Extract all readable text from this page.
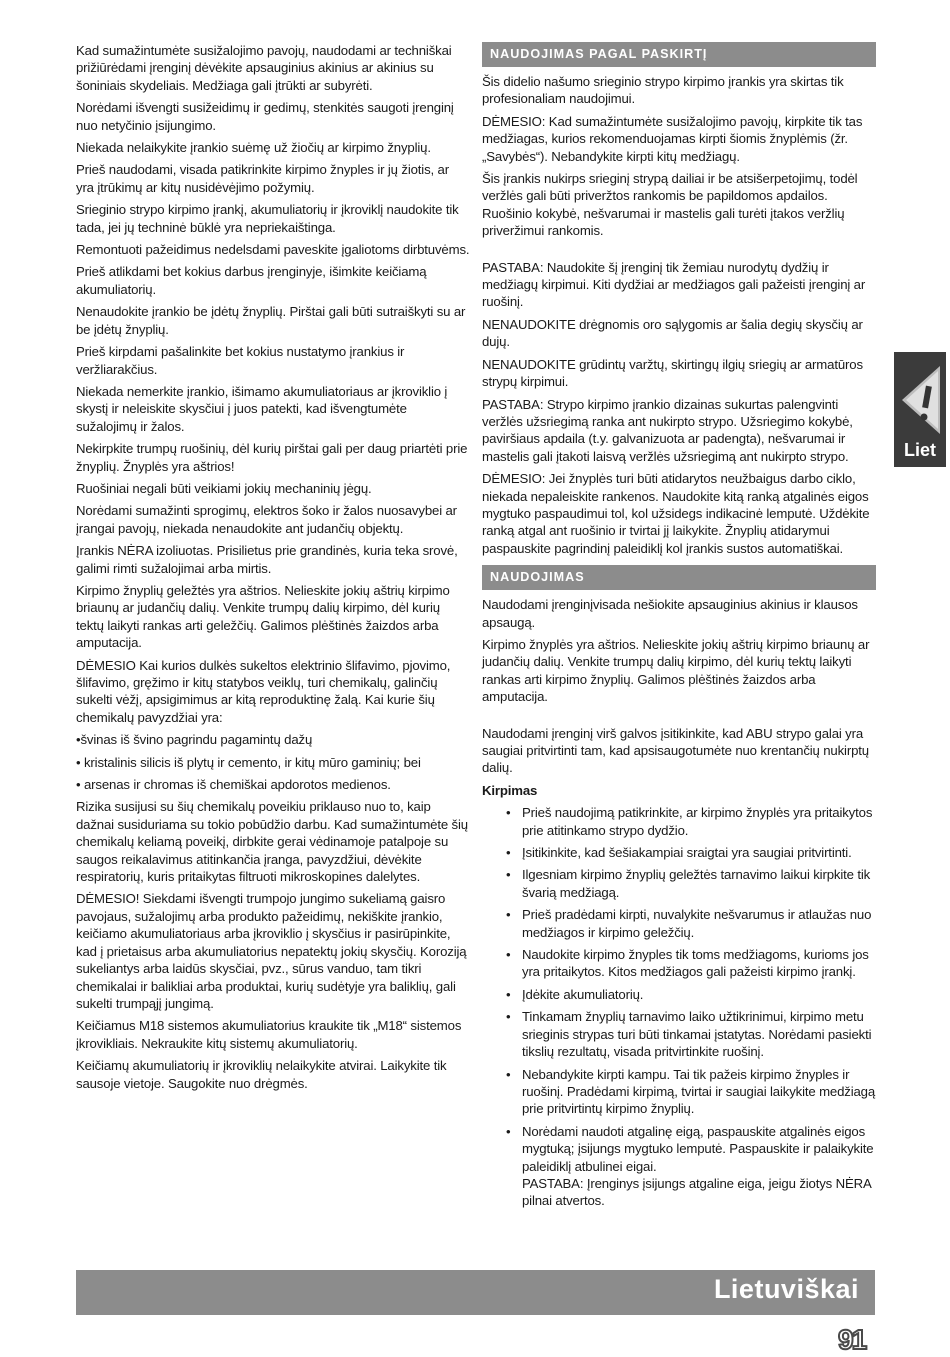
Kad sumažintumėte susižalojimo pavojų, naudodami ar techniškai prižiūrėdami įrenginį dėvėkite apsauginius akinius ar akinius su šoniniais skydeliais. Medžiaga gali įtrūkti ar subyrėti.

Norėdami išvengti susižeidimų ir gedimų, stenkitės saugoti įrenginį nuo netyčinio įsijungimo.

Niekada nelaikykite įrankio suėmę už žiočių ar kirpimo žnyplių.

Prieš naudodami, visada patikrinkite kirpimo žnyples ir jų žiotis, ar yra įtrūkimų ar kitų nusidėvėjimo požymių.

Srieginio strypo kirpimo įrankį, akumuliatorių ir įkroviklį naudokite tik tada, jei jų techninė būklė yra nepriekaištinga.

Remontuoti pažeidimus nedelsdami paveskite įgaliotoms dirbtuvėms.

Prieš atlikdami bet kokius darbus įrenginyje, išimkite keičiamą akumuliatorių.

Nenaudokite įrankio be įdėtų žnyplių. Pirštai gali būti sutraiškyti su ar be įdėtų žnyplių.

Prieš kirpdami pašalinkite bet kokius nustatymo įrankius ir veržliarakčius.

Niekada nemerkite įrankio, išimamo akumuliatoriaus ar įkroviklio į skystį ir neleiskite skysčiui į juos patekti, kad išvengtumėte sužalojimų ir žalos.

Nekirpkite trumpų ruošinių, dėl kurių pirštai gali per daug priartėti prie žnyplių. Žnyplės yra aštrios!

Ruošiniai negali būti veikiami jokių mechaninių jėgų.

Norėdami sumažinti sprogimų, elektros šoko ir žalos nuosavybei ar įrangai pavojų, niekada nenaudokite ant judančių objektų.

Įrankis NĖRA izoliuotas. Prisilietus prie grandinės, kuria teka srovė, galimi rimti sužalojimai arba mirtis.

Kirpimo žnyplių geležtės yra aštrios. Nelieskite jokių aštrių kirpimo briaunų ar judančių dalių. Venkite trumpų dalių kirpimo, dėl kurių tektų laikyti rankas arti geležčių. Galimos plėštinės žaizdos arba amputacija.

DĖMESIO Kai kurios dulkės sukeltos elektrinio šlifavimo, pjovimo, šlifavimo, gręžimo ir kitų statybos veiklų, turi chemikalų, galinčių sukelti vėžį, apsigimimus ar kitą reproduktinę žalą. Kai kurie šių chemikalų pavyzdžiai yra:

•švinas iš švino pagrindu pagamintų dažų

• kristalinis silicis iš plytų ir cemento, ir kitų mūro gaminių; bei

• arsenas ir chromas iš chemiškai apdorotos medienos.

Rizika susijusi su šių chemikalų poveikiu priklauso nuo to, kaip dažnai susiduriama su tokio pobūdžio darbu. Kad sumažintumėte šių chemikalų keliamą poveikį, dirbkite gerai vėdinamoje patalpoje su saugos reikalavimus atitinkančia įranga, pavyzdžiui, dėvėkite respiratorių, kuris pritaikytas filtruoti mikroskopines dalelytes.

DĖMESIO! Siekdami išvengti trumpojo jungimo sukeliamą gaisro pavojaus, sužalojimų arba produkto pažeidimų, nekiškite įrankio, keičiamo akumuliatoriaus arba įkroviklio į skysčius ir pasirūpinkite, kad į prietaisus arba akumuliatorius nepatektų jokių skysčių. Koroziją sukeliantys arba laidūs skysčiai, pvz., sūrus vanduo, tam tikri chemikalai ir balikliai arba produktai, kurių sudėtyje yra baliklių, gali sukelti trumpąjį jungimą.

Keičiamus M18 sistemos akumuliatorius kraukite tik „M18“ sistemos įkrovikliais. Nekraukite kitų sistemų akumuliatorių.

Keičiamų akumuliatorių ir įkroviklių nelaikykite atvirai. Laikykite tik sausoje vietoje. Saugokite nuo drėgmės.

NAUDOJIMAS PAGAL PASKIRTĮ

Šis didelio našumo srieginio strypo kirpimo įrankis yra skirtas tik profesionaliam naudojimui.

DĖMESIO: Kad sumažintumėte susižalojimo pavojų, kirpkite tik tas medžiagas, kurios rekomenduojamas kirpti šiomis žnyplėmis (žr. „Savybės“). Nebandykite kirpti kitų medžiagų.

Šis įrankis nukirps srieginį strypą dailiai ir be atsišerpetojimų, todėl veržlės gali būti priveržtos rankomis be papildomos apdailos. Ruošinio kokybė, nešvarumai ir mastelis gali turėti įtakos veržlių priveržimui rankomis.

PASTABA: Naudokite šį įrenginį tik žemiau nurodytų dydžių ir medžiagų kirpimui. Kiti dydžiai ar medžiagos gali pažeisti įrenginį ar ruošinį.

NENAUDOKITE drėgnomis oro sąlygomis ar šalia degių skysčių ar dujų.

NENAUDOKITE grūdintų varžtų, skirtingų ilgių sriegių ar armatūros strypų kirpimui.

PASTABA: Strypo kirpimo įrankio dizainas sukurtas palengvinti veržlės užsriegimą ranka ant nukirpto strypo. Užsriegimo kokybė, paviršiaus apdaila (t.y. galvanizuota ar padengta), nešvarumai ir mastelis gali įtakoti laisvą veržlės užsriegimą ant nukirpto strypo.

DĖMESIO: Jei žnyplės turi būti atidarytos neužbaigus darbo ciklo, niekada nepaleiskite rankenos. Naudokite kitą ranką atgalinės eigos mygtuko paspaudimui tol, kol užsidegs indikacinė lemputė. Uždėkite ranką atgal ant ruošinio ir tvirtai jį laikykite. Žnyplių atidarymui paspauskite pagrindinį paleidiklį kol įrankis sustos automatiškai.

NAUDOJIMAS

Naudodami įrenginįvisada nešiokite apsauginius akinius ir klausos apsaugą.

Kirpimo žnyplės yra aštrios. Nelieskite jokių aštrių kirpimo briaunų ar judančių dalių. Venkite trumpų dalių kirpimo, dėl kurių tektų laikyti rankas arti kirpimo žnyplių. Galimos plėštinės žaizdos arba amputacija.

Naudodami įrenginį virš galvos įsitikinkite, kad ABU strypo galai yra saugiai pritvirtinti tam, kad apsisaugotumėte nuo krentančių nukirptų dalių.

Kirpimas

• Prieš naudojimą patikrinkite, ar kirpimo žnyplės yra pritaikytos prie atitinkamo strypo dydžio.
• Įsitikinkite, kad šešiakampiai sraigtai yra saugiai pritvirtinti.
• Ilgesniam kirpimo žnyplių geležtės tarnavimo laikui kirpkite tik švarią medžiagą.
• Prieš pradėdami kirpti, nuvalykite nešvarumus ir atlaužas nuo medžiagos ir kirpimo geležčių.
• Naudokite kirpimo žnyples tik toms medžiagoms, kurioms jos yra pritaikytos. Kitos medžiagos gali pažeisti kirpimo įrankį.
• Įdėkite akumuliatorių.
• Tinkamam žnyplių tarnavimo laiko užtikrinimui, kirpimo metu srieginis strypas turi būti tinkamai įstatytas. Norėdami pasiekti tikslių rezultatų, visada pritvirtinkite ruošinį.
• Nebandykite kirpti kampu. Tai tik pažeis kirpimo žnyples ir ruošinį. Pradėdami kirpimą, tvirtai ir saugiai laikykite medžiagą prie pritvirtintų kirpimo žnyplių.
• Norėdami naudoti atgalinę eigą, paspauskite atgalinės eigos mygtuką; įsijungs mygtuko lemputė. Paspauskite ir palaikykite paleidiklį atbulinei eigai.
PASTABA: Įrenginys įsijungs atgaline eiga, jeigu žiotys NĖRA pilnai atvertos.
Liet
Lietuviškai
91
